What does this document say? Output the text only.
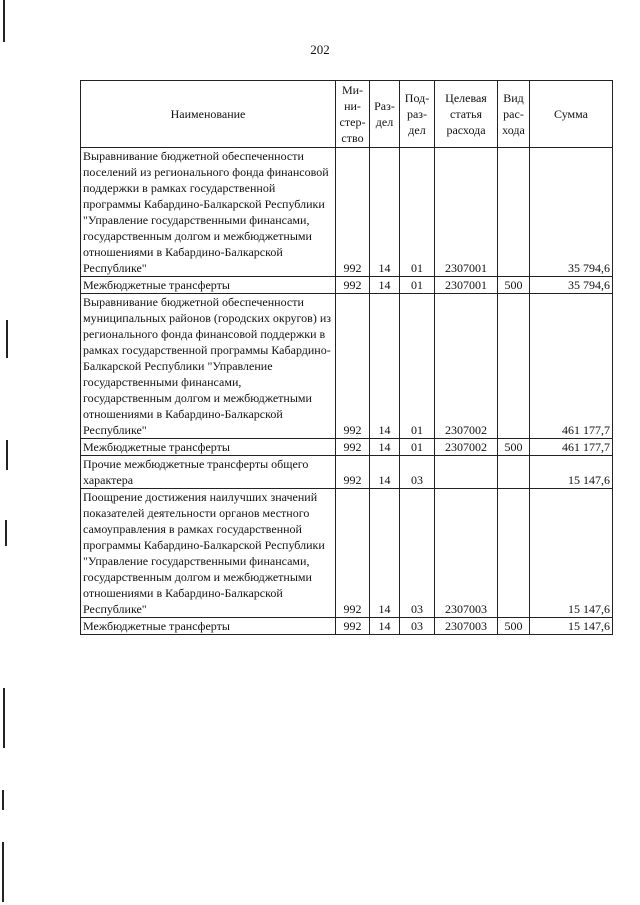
202
Наименование	Ми- ни- стер- ство	Раз- дел	Под- раз- дел	Целевая статья расхода	Вид рас- хода	Сумма

Выравнивание бюджетной обеспеченности поселений из регионального фонда финансовой поддержки в рамках государственной программы Кабардино-Балкарской Республики "Управление государственными финансами, государственным долгом и межбюджетными отношениями в Кабардино-Балкарской Республике"	992	14	01	2307001		35 794,6
Межбюджетные трансферты	992	14	01	2307001	500	35 794,6
Выравнивание бюджетной обеспеченности муниципальных районов (городских округов) из регионального фонда финансовой поддержки в рамках государственной программы Кабардино-Балкарской Республики "Управление государственными финансами, государственным долгом и межбюджетными отношениями в Кабардино-Балкарской Республике"	992	14	01	2307002		461 177,7
Межбюджетные трансферты	992	14	01	2307002	500	461 177,7
Прочие межбюджетные трансферты общего характера	992	14	03			15 147,6
Поощрение достижения наилучших значений показателей деятельности органов местного самоуправления в рамках государственной программы Кабардино-Балкарской Республики "Управление государственными финансами, государственным долгом и межбюджетными отношениями в Кабардино-Балкарской Республике"	992	14	03	2307003		15 147,6
Межбюджетные трансферты	992	14	03	2307003	500	15 147,6
